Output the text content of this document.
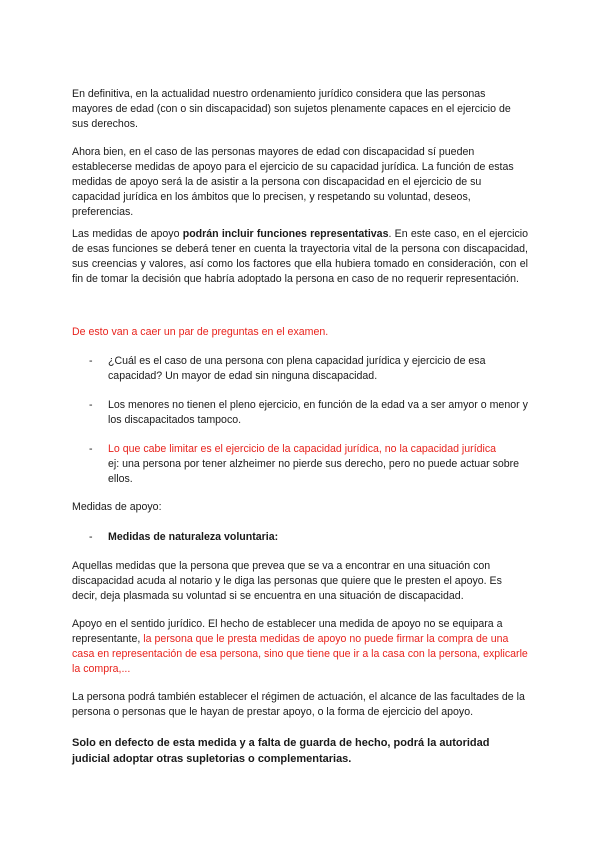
En definitiva, en la actualidad nuestro ordenamiento jurídico considera que las personas mayores de edad (con o sin discapacidad) son sujetos plenamente capaces en el ejercicio de sus derechos.

Ahora bien, en el caso de las personas mayores de edad con discapacidad sí pueden establecerse medidas de apoyo para el ejercicio de su capacidad jurídica. La función de estas medidas de apoyo será la de asistir a la persona con discapacidad en el ejercicio de su capacidad jurídica en los ámbitos que lo precisen, y respetando su voluntad, deseos, preferencias.

Las medidas de apoyo podrán incluir funciones representativas. En este caso, en el ejercicio de esas funciones se deberá tener en cuenta la trayectoria vital de la persona con discapacidad, sus creencias y valores, así como los factores que ella hubiera tomado en consideración, con el fin de tomar la decisión que habría adoptado la persona en caso de no requerir representación.

De esto van a caer un par de preguntas en el examen.

-	¿Cuál es el caso de una persona con plena capacidad jurídica y ejercicio de esa capacidad? Un mayor de edad sin ninguna discapacidad.

-	Los menores no tienen el pleno ejercicio, en función de la edad va a ser amyor o menor y los discapacitados tampoco.

-	Lo que cabe limitar es el ejercicio de la capacidad jurídica, no la capacidad jurídica
ej: una persona por tener alzheimer no pierde sus derecho, pero no puede actuar sobre ellos.

Medidas de apoyo:

-	Medidas de naturaleza voluntaria:

Aquellas medidas que la persona que prevea que se va a encontrar en una situación con discapacidad acuda al notario y le diga las personas que quiere que le presten el apoyo. Es decir, deja plasmada su voluntad si se encuentra en una situación de discapacidad.

Apoyo en el sentido jurídico. El hecho de establecer una medida de apoyo no se equipara a representante, la persona que le presta medidas de apoyo no puede firmar la compra de una casa en representación de esa persona, sino que tiene que ir a la casa con la persona, explicarle la compra,...

La persona podrá también establecer el régimen de actuación, el alcance de las facultades de la persona o personas que le hayan de prestar apoyo, o la forma de ejercicio del apoyo.

Solo en defecto de esta medida y a falta de guarda de hecho, podrá la autoridad judicial adoptar otras supletorias o complementarias.
